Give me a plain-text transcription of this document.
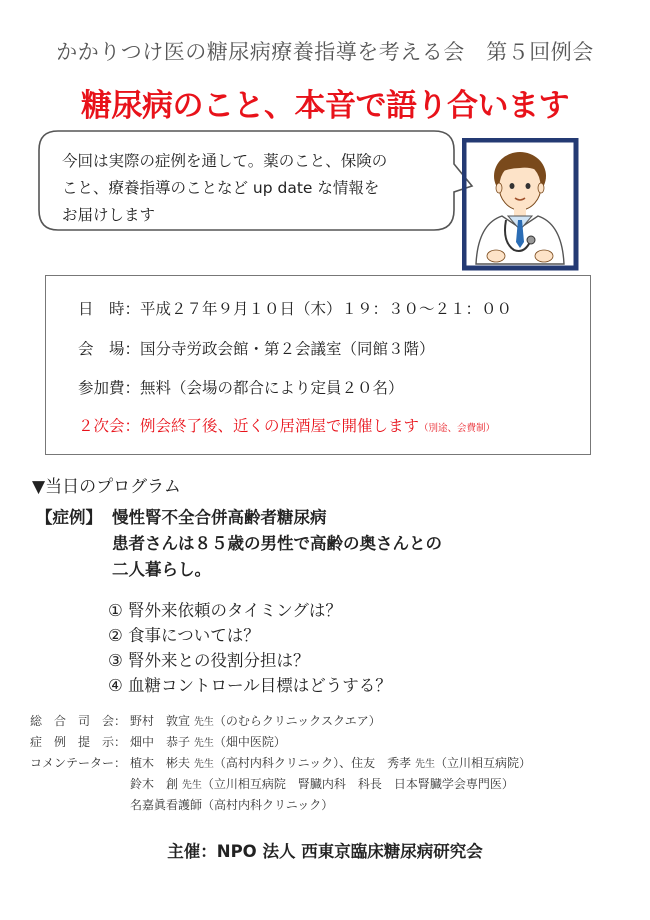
かかりつけ医の糖尿病療養指導を考える会　第５回例会
糖尿病のこと、本音で語り合います
今回は実際の症例を通して。薬のこと、保険の
こと、療養指導のことなど up date な情報を
お届けします
日　時：平成２７年９月１０日（木）１９：３０～２１：００
会　場：国分寺労政会館・第２会議室（同館３階）
参加費：無料（会場の都合により定員２０名）
２次会：例会終了後、近くの居酒屋で開催します（別途、会費制）
▼当日のプログラム
【症例】 慢性腎不全合併高齢者糖尿病
患者さんは８５歳の男性で高齢の奥さんとの
二人暮らし。
① 腎外来依頼のタイミングは？
② 食事については？
③ 腎外来との役割分担は？
④ 血糖コントロール目標はどうする？
総　合　司　会： 野村　敦宣 先生（のむらクリニックスクエア）
症　例　提　示： 畑中　恭子 先生（畑中医院）
コメンテーター： 植木　彬夫 先生（高村内科クリニック）、住友　秀孝 先生（立川相互病院）
鈴木　創 先生（立川相互病院　腎臓内科　科長　日本腎臓学会専門医）
名嘉眞看護師（高村内科クリニック）
主催：NPO 法人 西東京臨床糖尿病研究会
